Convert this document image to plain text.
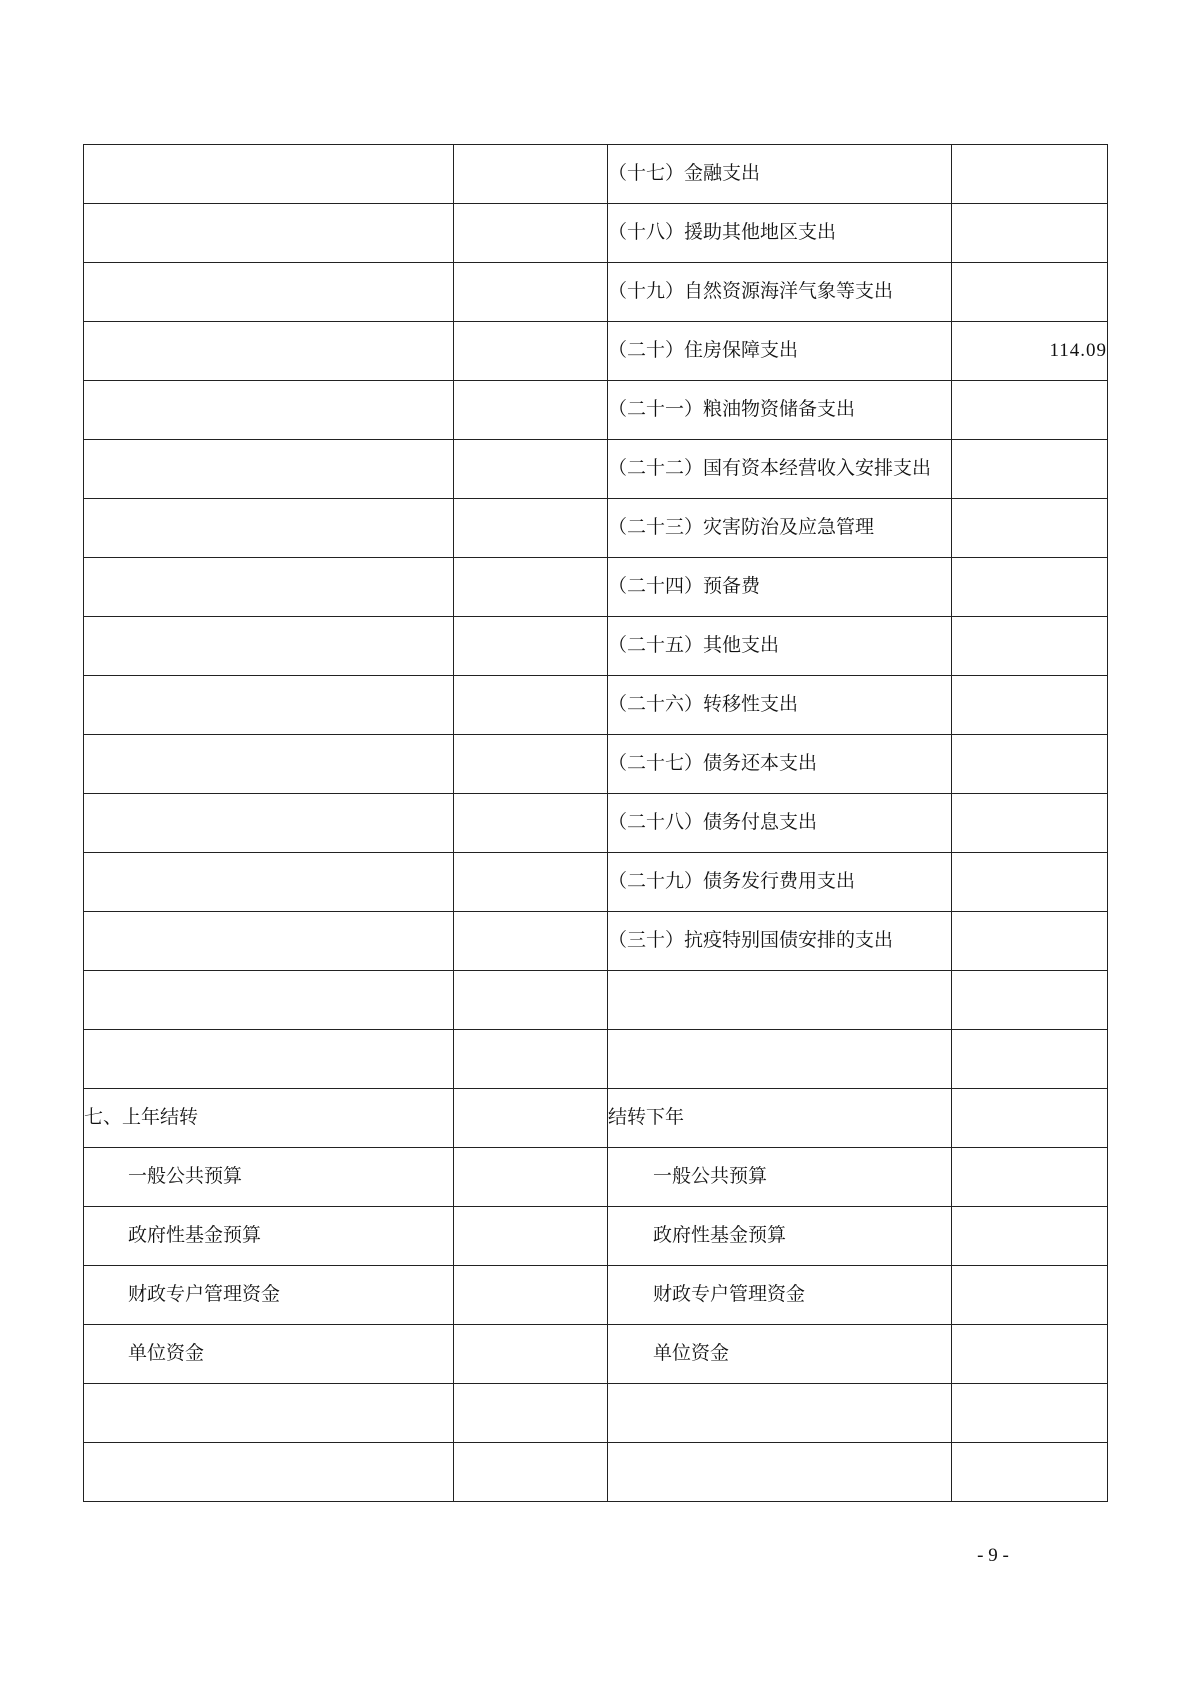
		（十七）金融支出	
		（十八）援助其他地区支出	
		（十九）自然资源海洋气象等支出	
		（二十）住房保障支出	114.09
		（二十一）粮油物资储备支出	
		（二十二）国有资本经营收入安排支出	
		（二十三）灾害防治及应急管理	
		（二十四）预备费	
		（二十五）其他支出	
		（二十六）转移性支出	
		（二十七）债务还本支出	
		（二十八）债务付息支出	
		（二十九）债务发行费用支出	
		（三十）抗疫特别国债安排的支出	

七、上年结转		结转下年	
一般公共预算		一般公共预算	
政府性基金预算		政府性基金预算	
财政专户管理资金		财政专户管理资金	
单位资金		单位资金	

- 9 -
